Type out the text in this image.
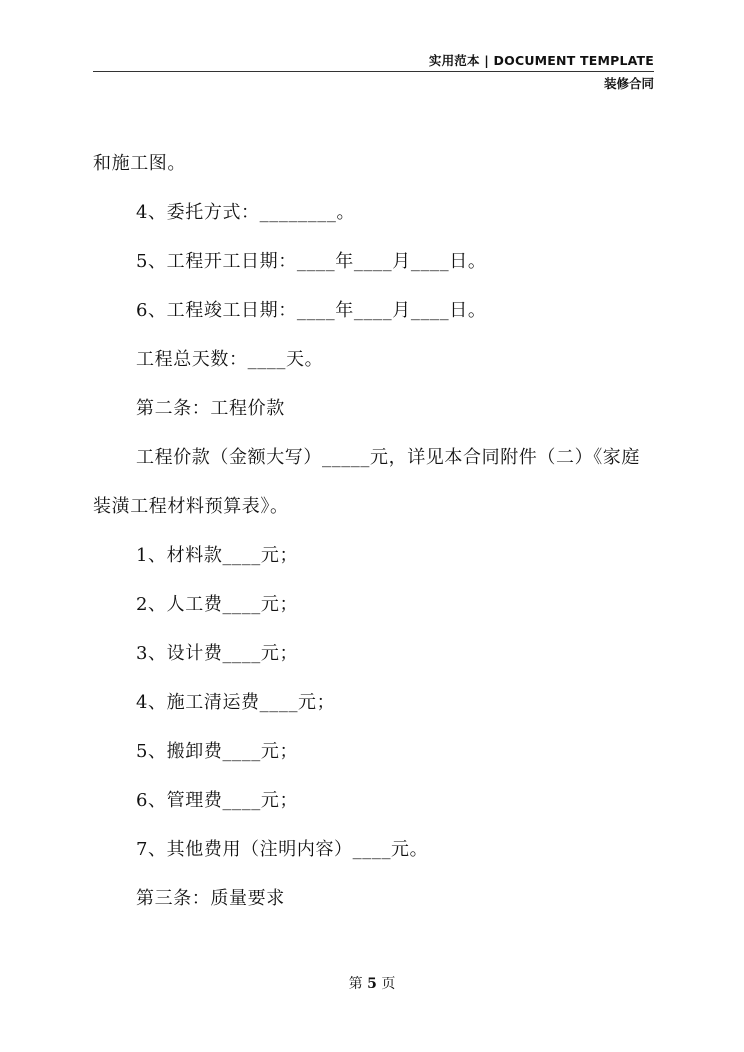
实用范本 | DOCUMENT TEMPLATE
装修合同

和施工图。

4、委托方式：________。

5、工程开工日期：____年____月____日。

6、工程竣工日期：____年____月____日。

工程总天数：____天。

第二条：工程价款

工程价款（金额大写）_____元，详见本合同附件（二）《家庭

装潢工程材料预算表》。

1、材料款____元；

2、人工费____元；

3、设计费____元；

4、施工清运费____元；

5、搬卸费____元；

6、管理费____元；

7、其他费用（注明内容）____元。

第三条：质量要求

第 5 页
